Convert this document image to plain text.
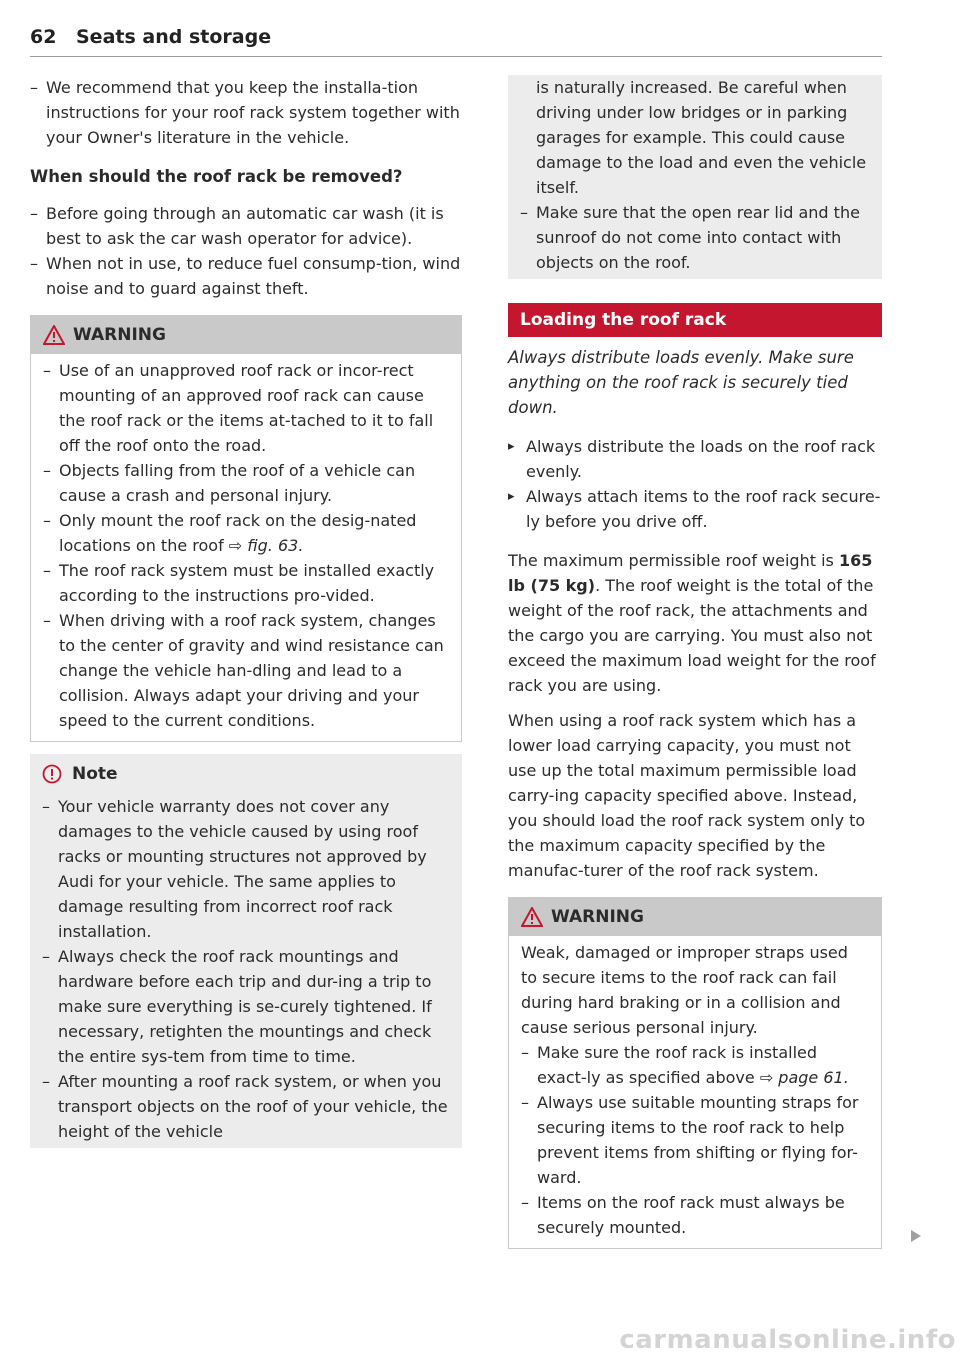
62 Seats and storage

– We recommend that you keep the installa-tion instructions for your roof rack system together with your Owner's literature in the vehicle.

When should the roof rack be removed?

– Before going through an automatic car wash (it is best to ask the car wash operator for advice).

– When not in use, to reduce fuel consump-tion, wind noise and to guard against theft.

WARNING

– Use of an unapproved roof rack or incor-rect mounting of an approved roof rack can cause the roof rack or the items at-tached to it to fall off the roof onto the road.

– Objects falling from the roof of a vehicle can cause a crash and personal injury.

– Only mount the roof rack on the desig-nated locations on the roof ⇨ fig. 63.

– The roof rack system must be installed exactly according to the instructions pro-vided.

– When driving with a roof rack system, changes to the center of gravity and wind resistance can change the vehicle han-dling and lead to a collision. Always adapt your driving and your speed to the current conditions.

Note

– Your vehicle warranty does not cover any damages to the vehicle caused by using roof racks or mounting structures not approved by Audi for your vehicle. The same applies to damage resulting from incorrect roof rack installation.

– Always check the roof rack mountings and hardware before each trip and dur-ing a trip to make sure everything is se-curely tightened. If necessary, retighten the mountings and check the entire sys-tem from time to time.

– After mounting a roof rack system, or when you transport objects on the roof of your vehicle, the height of the vehicle

is naturally increased. Be careful when driving under low bridges or in parking garages for example. This could cause damage to the load and even the vehicle itself.

– Make sure that the open rear lid and the sunroof do not come into contact with objects on the roof.

Loading the roof rack

Always distribute loads evenly. Make sure anything on the roof rack is securely tied down.

▸ Always distribute the loads on the roof rack evenly.

▸ Always attach items to the roof rack secure-ly before you drive off.

The maximum permissible roof weight is 165 lb (75 kg). The roof weight is the total of the weight of the roof rack, the attachments and the cargo you are carrying. You must also not exceed the maximum load weight for the roof rack you are using.

When using a roof rack system which has a lower load carrying capacity, you must not use up the total maximum permissible load carry-ing capacity specified above. Instead, you should load the roof rack system only to the maximum capacity specified by the manufac-turer of the roof rack system.

WARNING

Weak, damaged or improper straps used to secure items to the roof rack can fail during hard braking or in a collision and cause serious personal injury.

– Make sure the roof rack is installed exact-ly as specified above ⇨ page 61.

– Always use suitable mounting straps for securing items to the roof rack to help prevent items from shifting or flying for-ward.

– Items on the roof rack must always be securely mounted.

carmanualsonline.info
